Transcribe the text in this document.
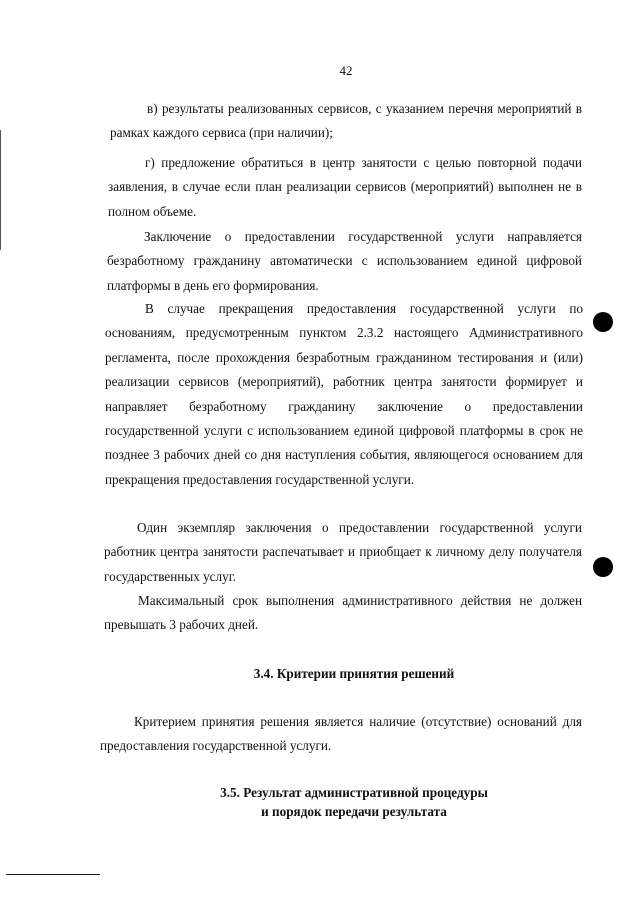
42

в) результаты реализованных сервисов, с указанием перечня мероприятий в рамках каждого сервиса (при наличии);

г) предложение обратиться в центр занятости с целью повторной подачи заявления, в случае если план реализации сервисов (мероприятий) выполнен не в полном объеме.

Заключение о предоставлении государственной услуги направляется безработному гражданину автоматически с использованием единой цифровой платформы в день его формирования.

В случае прекращения предоставления государственной услуги по основаниям, предусмотренным пунктом 2.3.2 настоящего Административного регламента, после прохождения безработным гражданином тестирования и (или) реализации сервисов (мероприятий), работник центра занятости формирует и направляет безработному гражданину заключение о предоставлении государственной услуги с использованием единой цифровой платформы в срок не позднее 3 рабочих дней со дня наступления события, являющегося основанием для прекращения предоставления государственной услуги.

Один экземпляр заключения о предоставлении государственной услуги работник центра занятости распечатывает и приобщает к личному делу получателя государственных услуг.

Максимальный срок выполнения административного действия не должен превышать 3 рабочих дней.

3.4. Критерии принятия решений

Критерием принятия решения является наличие (отсутствие) оснований для предоставления государственной услуги.

3.5. Результат административной процедуры
и порядок передачи результата
